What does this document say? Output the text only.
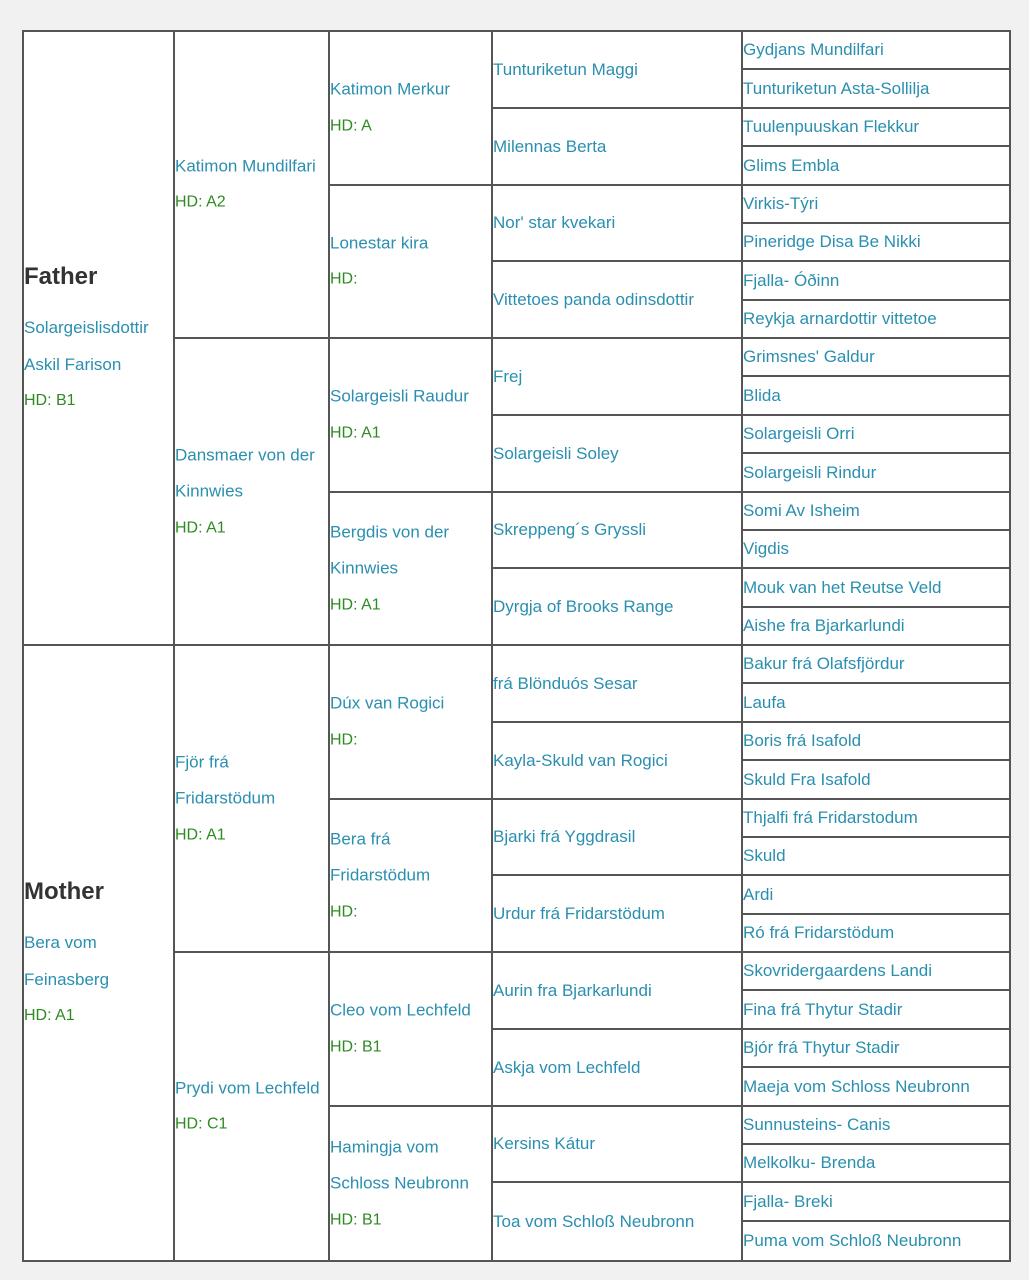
Father
Solargeislisdottir Askil Farison
HD: B1
Katimon Mundilfari
HD: A2
Katimon Merkur
HD: A
Tunturiketun Maggi
Gydjans Mundilfari
Tunturiketun Asta-Sollilja
Milennas Berta
Tuulenpuuskan Flekkur
Glims Embla
Lonestar kira
HD:
Nor' star kvekari
Virkis-Týri
Pineridge Disa Be Nikki
Vittetoes panda odinsdottir
Fjalla- Óðinn
Reykja arnardottir vittetoe
Dansmaer von der Kinnwies
HD: A1
Solargeisli Raudur
HD: A1
Frej
Grimsnes' Galdur
Blida
Solargeisli Soley
Solargeisli Orri
Solargeisli Rindur
Bergdis von der Kinnwies
HD: A1
Skreppeng´s Gryssli
Somi Av Isheim
Vigdis
Dyrgja of Brooks Range
Mouk van het Reutse Veld
Aishe fra Bjarkarlundi
Mother
Bera vom Feinasberg
HD: A1
Fjör frá Fridarstödum
HD: A1
Dúx van Rogici
HD:
frá Blönduós Sesar
Bakur frá Olafsfjördur
Laufa
Kayla-Skuld van Rogici
Boris frá Isafold
Skuld Fra Isafold
Bera frá Fridarstödum
HD:
Bjarki frá Yggdrasil
Thjalfi frá Fridarstodum
Skuld
Urdur frá Fridarstödum
Ardi
Ró frá Fridarstödum
Prydi vom Lechfeld
HD: C1
Cleo vom Lechfeld
HD: B1
Aurin fra Bjarkarlundi
Skovridergaardens Landi
Fina frá Thytur Stadir
Askja vom Lechfeld
Bjór frá Thytur Stadir
Maeja vom Schloss Neubronn
Hamingja vom Schloss Neubronn
HD: B1
Kersins Kátur
Sunnusteins- Canis
Melkolku- Brenda
Toa vom Schloß Neubronn
Fjalla- Breki
Puma vom Schloß Neubronn
